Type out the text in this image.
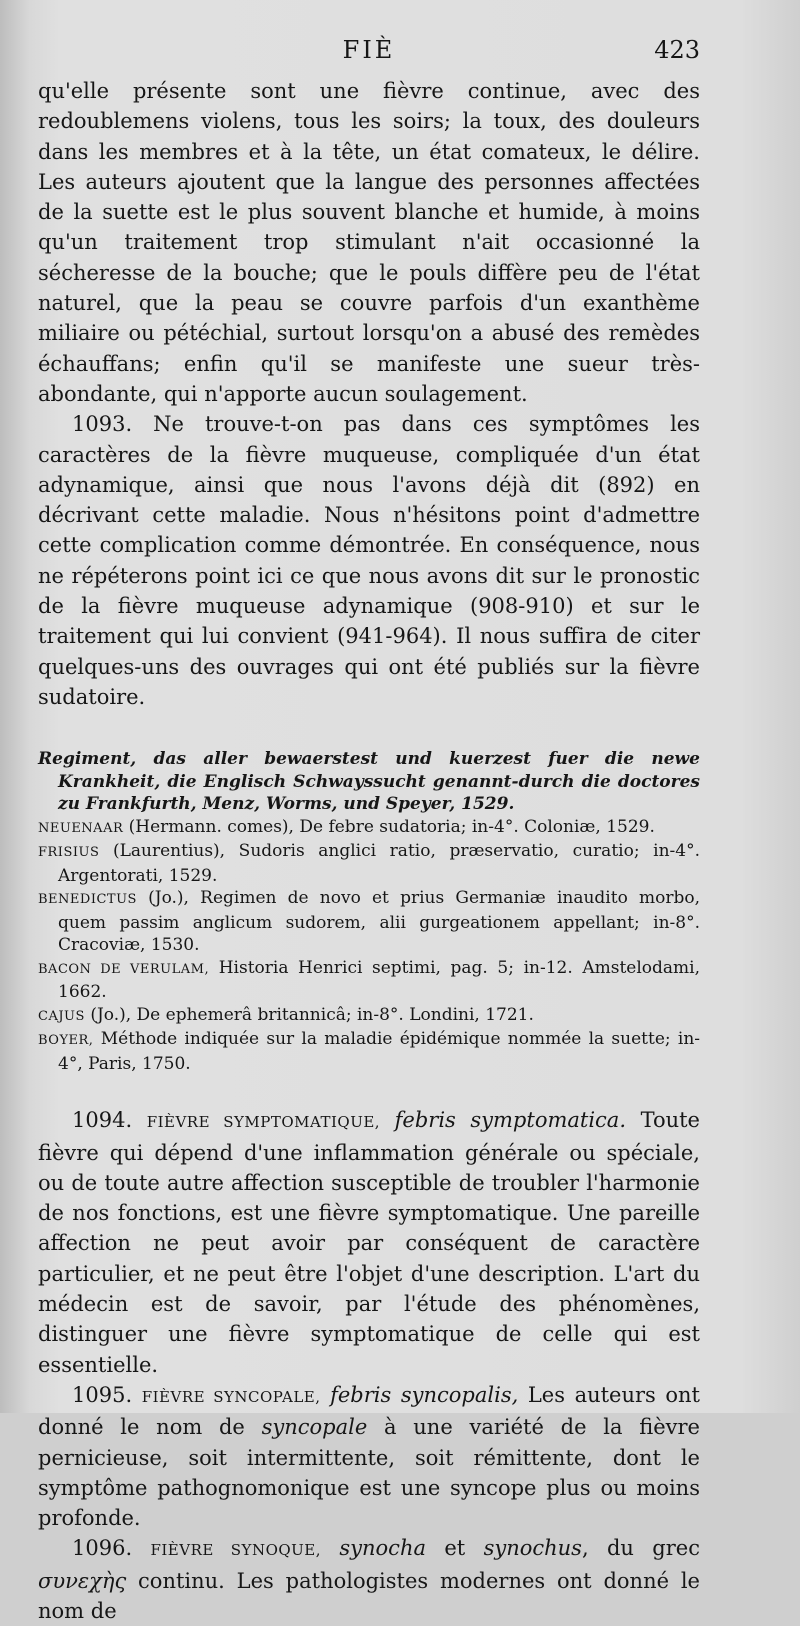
FIÈ	423

qu'elle présente sont une fièvre continue, avec des redoublemens violens, tous les soirs; la toux, des douleurs dans les membres et à la tête, un état comateux, le délire. Les auteurs ajoutent que la langue des personnes affectées de la suette est le plus souvent blanche et humide, à moins qu'un traitement trop stimulant n'ait occasionné la sécheresse de la bouche; que le pouls diffère peu de l'état naturel, que la peau se couvre parfois d'un exanthème miliaire ou pétéchial, surtout lorsqu'on a abusé des remèdes échauffans; enfin qu'il se manifeste une sueur très-abondante, qui n'apporte aucun soulagement.

1093. Ne trouve-t-on pas dans ces symptômes les caractères de la fièvre muqueuse, compliquée d'un état adynamique, ainsi que nous l'avons déjà dit (892) en décrivant cette maladie. Nous n'hésitons point d'admettre cette complication comme démontrée. En conséquence, nous ne répéterons point ici ce que nous avons dit sur le pronostic de la fièvre muqueuse adynamique (908-910) et sur le traitement qui lui convient (941-964). Il nous suffira de citer quelques-uns des ouvrages qui ont été publiés sur la fièvre sudatoire.

Regiment, das aller bewaerstest und kuerzest fuer die newe Krankheit, die Englisch Schwayssucht genannt-durch die doctores zu Frankfurth, Menz, Worms, und Speyer, 1529.
NEUENAAR (Hermann. comes), De febre sudatoria; in-4°. Coloniæ, 1529.
FRISIUS (Laurentius), Sudoris anglici ratio, præservatio, curatio; in-4°. Argentorati, 1529.
BENEDICTUS (Jo.), Regimen de novo et prius Germaniæ inaudito morbo, quem passim anglicum sudorem, alii gurgeationem appellant; in-8°. Cracoviæ, 1530.
BACON DE VERULAM, Historia Henrici septimi, pag. 5; in-12. Amstelodami, 1662.
CAJUS (Jo.), De ephemerâ britannicâ; in-8°. Londini, 1721.
BOYER, Méthode indiquée sur la maladie épidémique nommée la suette; in-4°, Paris, 1750.

1094. FIÈVRE SYMPTOMATIQUE, febris symptomatica. Toute fièvre qui dépend d'une inflammation générale ou spéciale, ou de toute autre affection susceptible de troubler l'harmonie de nos fonctions, est une fièvre symptomatique. Une pareille affection ne peut avoir par conséquent de caractère particulier, et ne peut être l'objet d'une description. L'art du médecin est de savoir, par l'étude des phénomènes, distinguer une fièvre symptomatique de celle qui est essentielle.

1095. FIÈVRE SYNCOPALE, febris syncopalis, Les auteurs ont donné le nom de syncopale à une variété de la fièvre pernicieuse, soit intermittente, soit rémittente, dont le symptôme pathognomonique est une syncope plus ou moins profonde.

1096. FIÈVRE SYNOQUE, synocha et synochus, du grec συνεχὴς continu. Les pathologistes modernes ont donné le nom de
